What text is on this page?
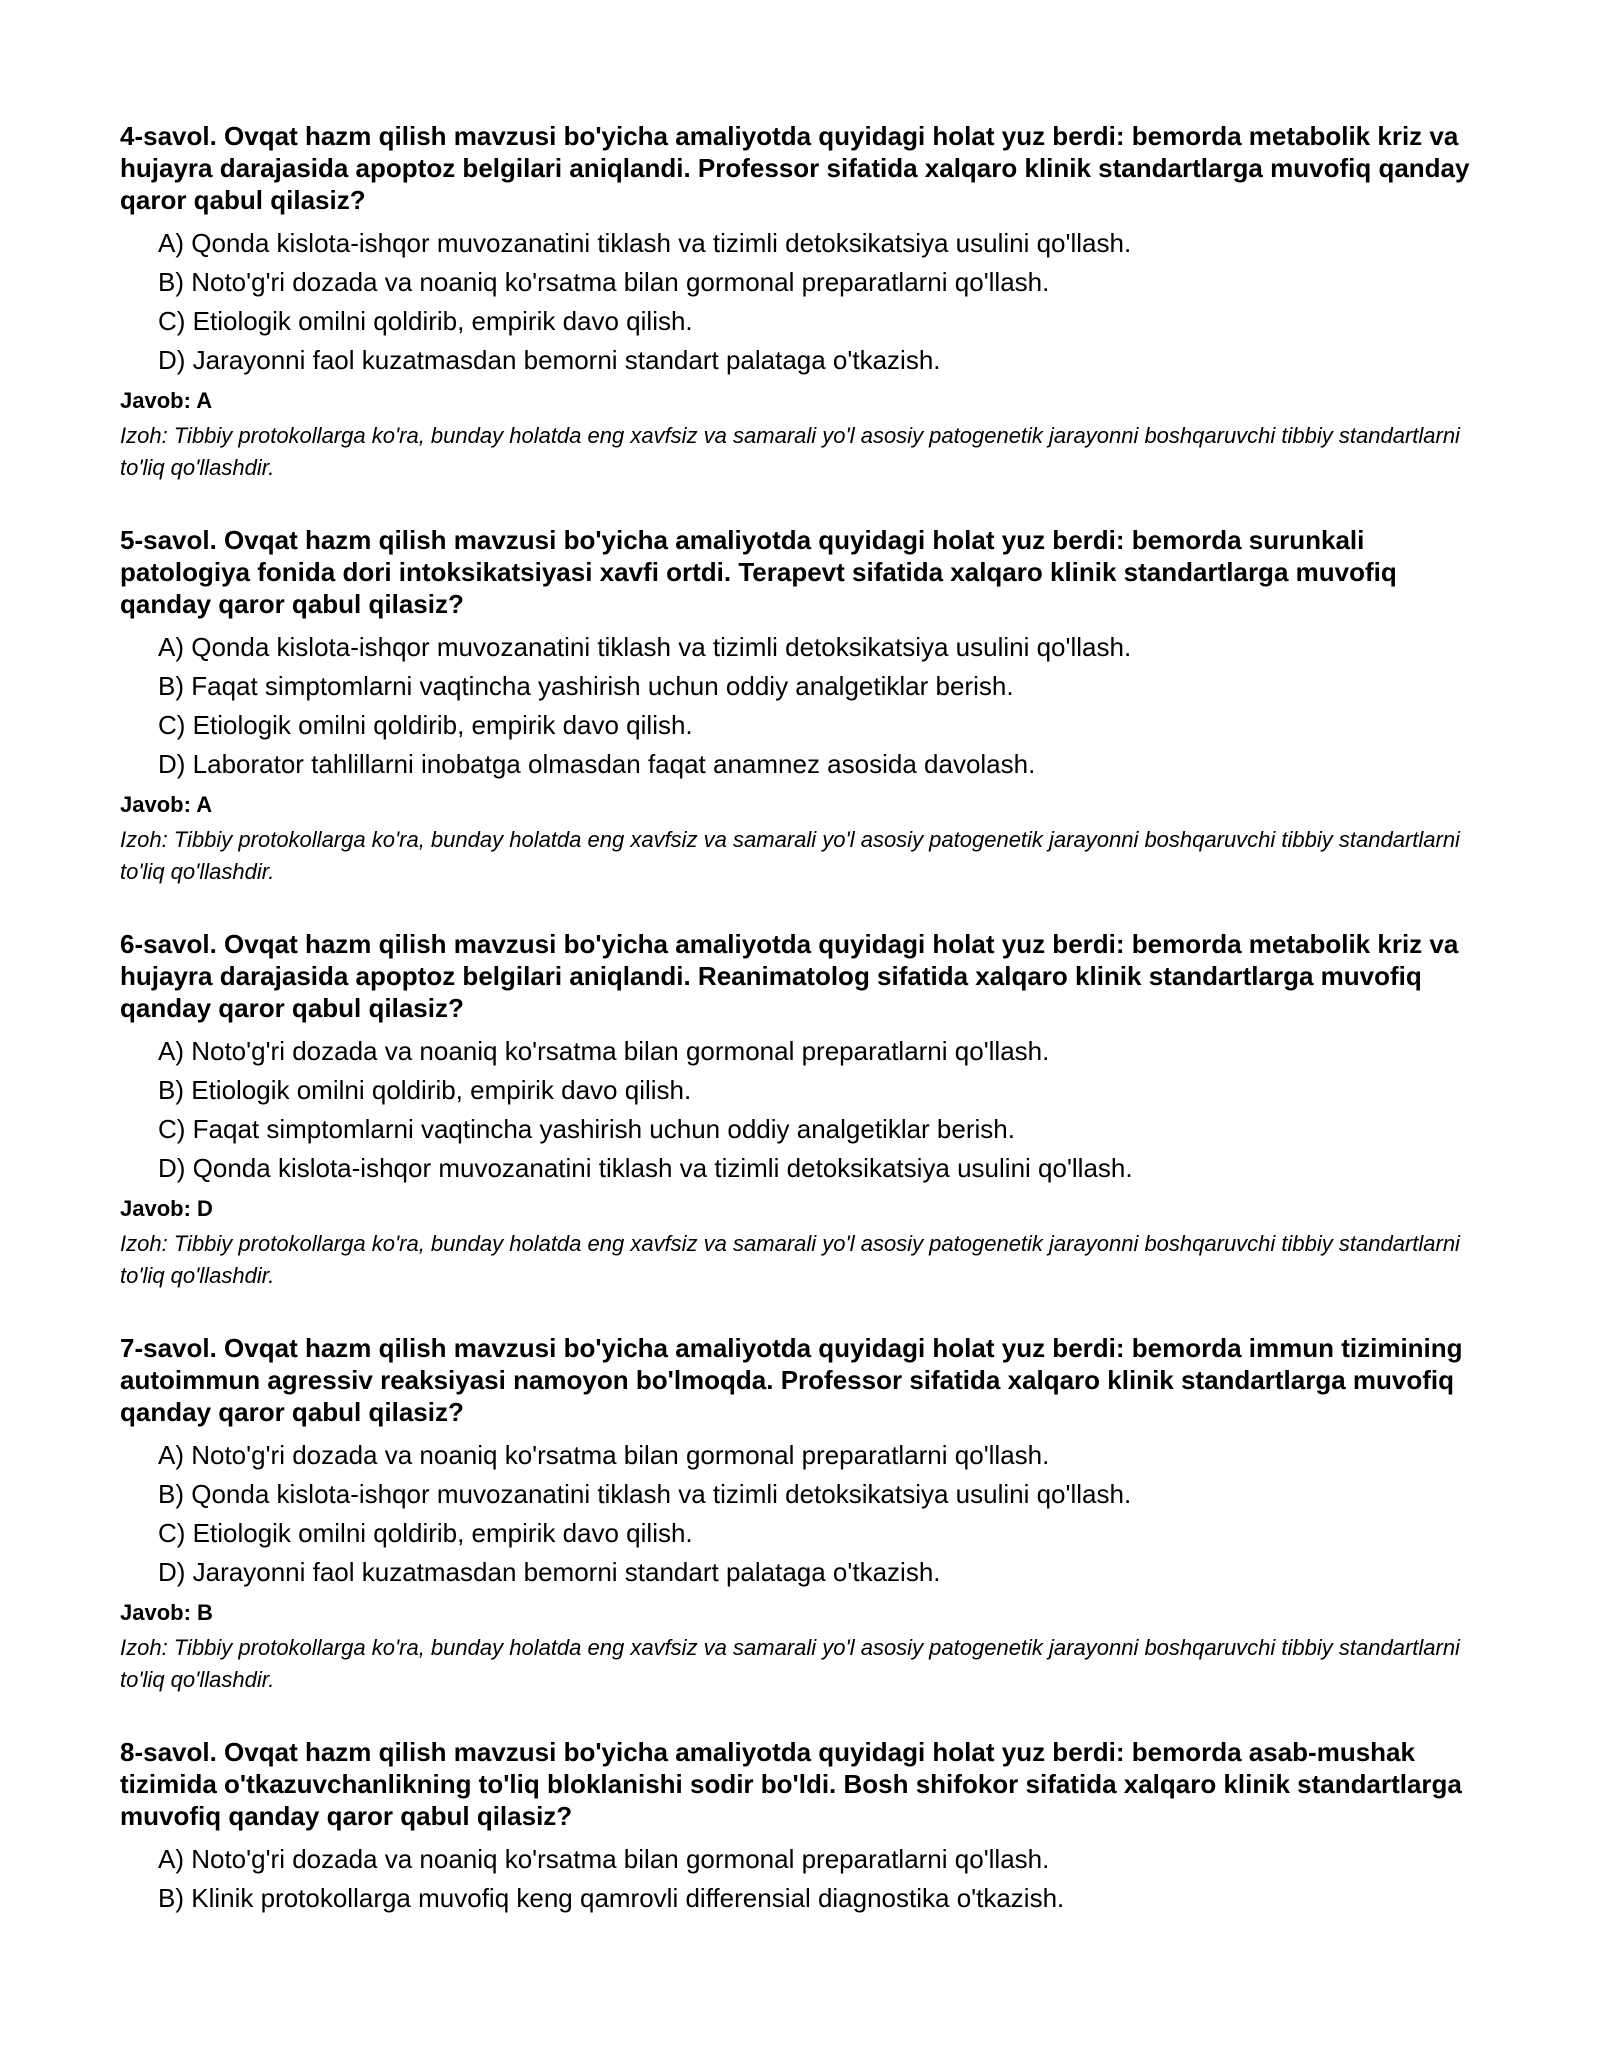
4-savol. Ovqat hazm qilish mavzusi bo'yicha amaliyotda quyidagi holat yuz berdi: bemorda metabolik kriz va hujayra darajasida apoptoz belgilari aniqlandi. Professor sifatida xalqaro klinik standartlarga muvofiq qanday qaror qabul qilasiz?

A) Qonda kislota-ishqor muvozanatini tiklash va tizimli detoksikatsiya usulini qo'llash.
B) Noto'g'ri dozada va noaniq ko'rsatma bilan gormonal preparatlarni qo'llash.
C) Etiologik omilni qoldirib, empirik davo qilish.
D) Jarayonni faol kuzatmasdan bemorni standart palataga o'tkazish.

Javob: A

Izoh: Tibbiy protokollarga ko'ra, bunday holatda eng xavfsiz va samarali yo'l asosiy patogenetik jarayonni boshqaruvchi tibbiy standartlarni to'liq qo'llashdir.

5-savol. Ovqat hazm qilish mavzusi bo'yicha amaliyotda quyidagi holat yuz berdi: bemorda surunkali patologiya fonida dori intoksikatsiyasi xavfi ortdi. Terapevt sifatida xalqaro klinik standartlarga muvofiq qanday qaror qabul qilasiz?

A) Qonda kislota-ishqor muvozanatini tiklash va tizimli detoksikatsiya usulini qo'llash.
B) Faqat simptomlarni vaqtincha yashirish uchun oddiy analgetiklar berish.
C) Etiologik omilni qoldirib, empirik davo qilish.
D) Laborator tahlillarni inobatga olmasdan faqat anamnez asosida davolash.

Javob: A

Izoh: Tibbiy protokollarga ko'ra, bunday holatda eng xavfsiz va samarali yo'l asosiy patogenetik jarayonni boshqaruvchi tibbiy standartlarni to'liq qo'llashdir.

6-savol. Ovqat hazm qilish mavzusi bo'yicha amaliyotda quyidagi holat yuz berdi: bemorda metabolik kriz va hujayra darajasida apoptoz belgilari aniqlandi. Reanimatolog sifatida xalqaro klinik standartlarga muvofiq qanday qaror qabul qilasiz?

A) Noto'g'ri dozada va noaniq ko'rsatma bilan gormonal preparatlarni qo'llash.
B) Etiologik omilni qoldirib, empirik davo qilish.
C) Faqat simptomlarni vaqtincha yashirish uchun oddiy analgetiklar berish.
D) Qonda kislota-ishqor muvozanatini tiklash va tizimli detoksikatsiya usulini qo'llash.

Javob: D

Izoh: Tibbiy protokollarga ko'ra, bunday holatda eng xavfsiz va samarali yo'l asosiy patogenetik jarayonni boshqaruvchi tibbiy standartlarni to'liq qo'llashdir.

7-savol. Ovqat hazm qilish mavzusi bo'yicha amaliyotda quyidagi holat yuz berdi: bemorda immun tizimining autoimmun agressiv reaksiyasi namoyon bo'lmoqda. Professor sifatida xalqaro klinik standartlarga muvofiq qanday qaror qabul qilasiz?

A) Noto'g'ri dozada va noaniq ko'rsatma bilan gormonal preparatlarni qo'llash.
B) Qonda kislota-ishqor muvozanatini tiklash va tizimli detoksikatsiya usulini qo'llash.
C) Etiologik omilni qoldirib, empirik davo qilish.
D) Jarayonni faol kuzatmasdan bemorni standart palataga o'tkazish.

Javob: B

Izoh: Tibbiy protokollarga ko'ra, bunday holatda eng xavfsiz va samarali yo'l asosiy patogenetik jarayonni boshqaruvchi tibbiy standartlarni to'liq qo'llashdir.

8-savol. Ovqat hazm qilish mavzusi bo'yicha amaliyotda quyidagi holat yuz berdi: bemorda asab-mushak tizimida o'tkazuvchanlikning to'liq bloklanishi sodir bo'ldi. Bosh shifokor sifatida xalqaro klinik standartlarga muvofiq qanday qaror qabul qilasiz?

A) Noto'g'ri dozada va noaniq ko'rsatma bilan gormonal preparatlarni qo'llash.
B) Klinik protokollarga muvofiq keng qamrovli differensial diagnostika o'tkazish.
